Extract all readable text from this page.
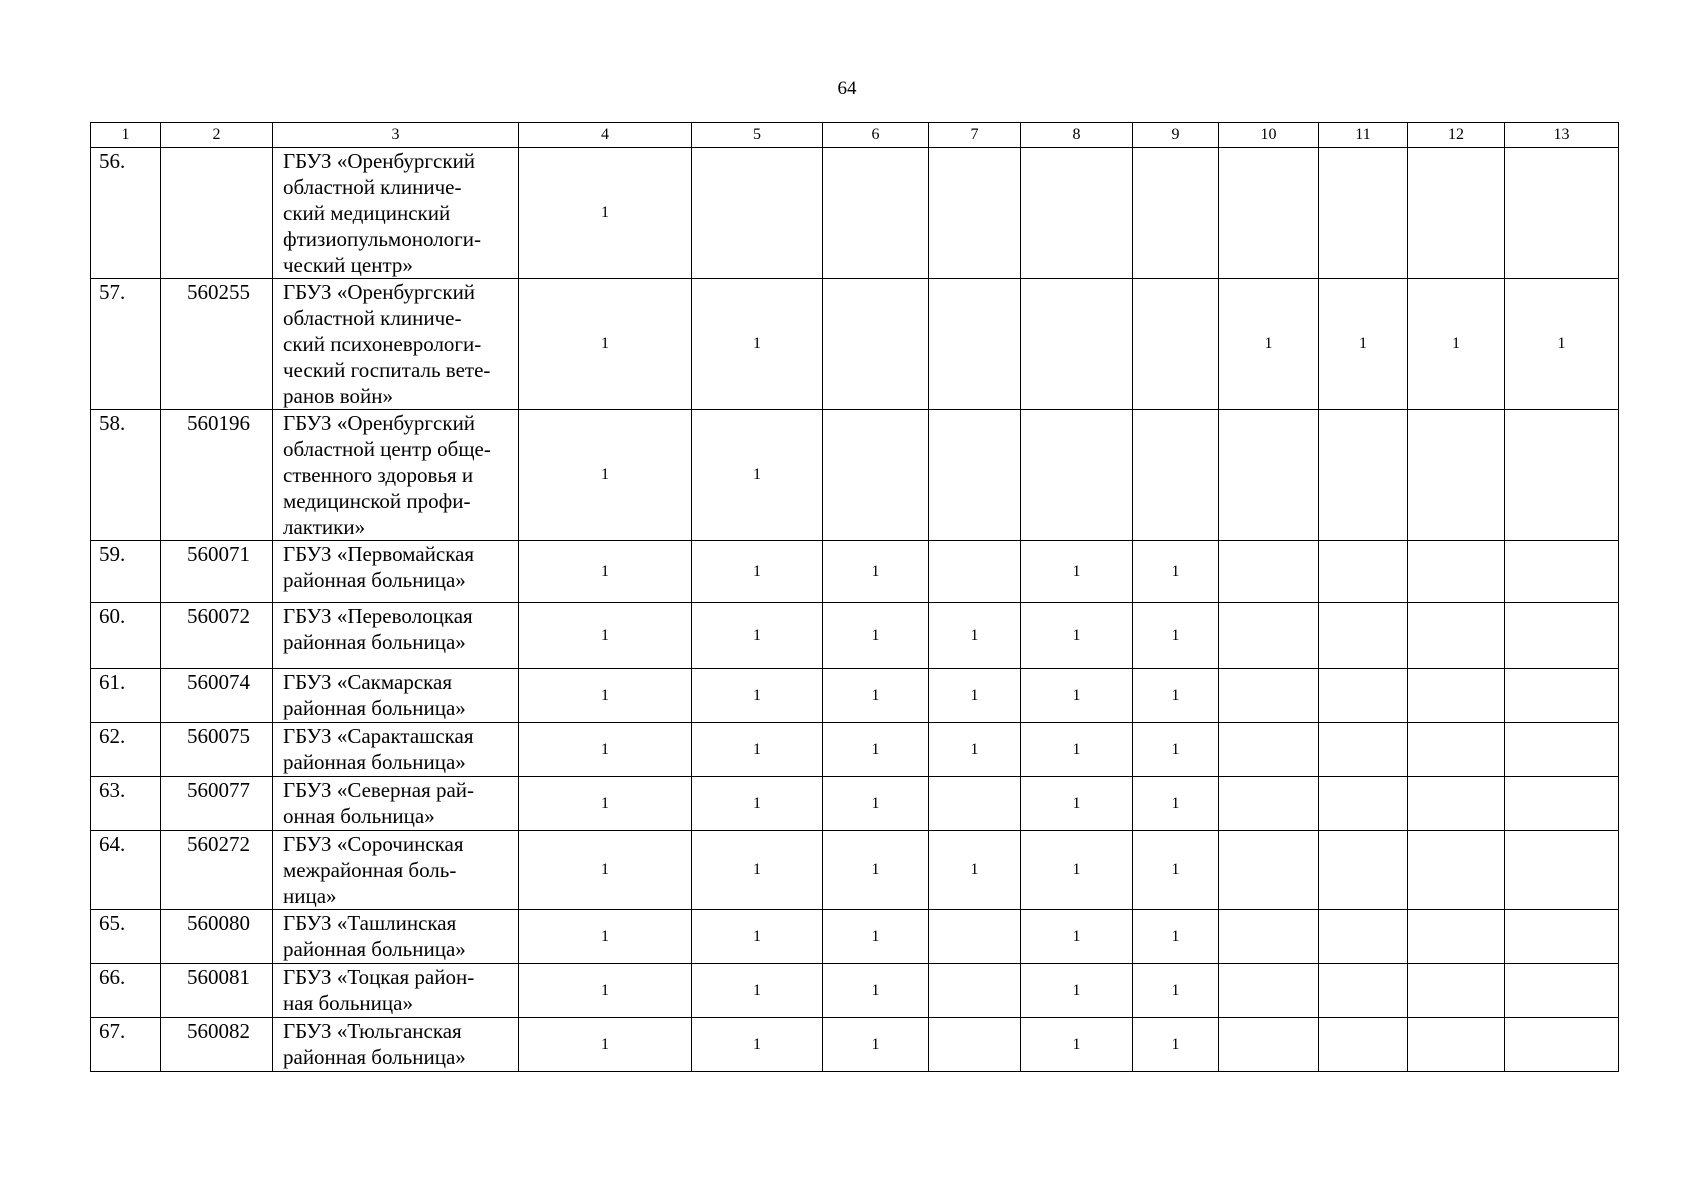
64
1	2	3	4	5	6	7	8	9	10	11	12	13
56.		ГБУЗ «Оренбургский
областной клиниче-
ский медицинский
фтизиопульмонологи-
ческий центр»	1									
57.	560255	ГБУЗ «Оренбургский
областной клиниче-
ский психоневрологи-
ческий госпиталь вете-
ранов войн»	1	1					1	1	1	1
58.	560196	ГБУЗ «Оренбургский
областной центр обще-
ственного здоровья и
медицинской профи-
лактики»	1	1								
59.	560071	ГБУЗ «Первомайская
районная больница»	1	1	1		1	1				
60.	560072	ГБУЗ «Переволоцкая
районная больница»	1	1	1	1	1	1				
61.	560074	ГБУЗ «Сакмарская
районная больница»	1	1	1	1	1	1				
62.	560075	ГБУЗ «Саракташская
районная больница»	1	1	1	1	1	1				
63.	560077	ГБУЗ «Северная рай-
онная больница»	1	1	1		1	1				
64.	560272	ГБУЗ «Сорочинская
межрайонная боль-
ница»	1	1	1	1	1	1				
65.	560080	ГБУЗ «Ташлинская
районная больница»	1	1	1		1	1				
66.	560081	ГБУЗ «Тоцкая район-
ная больница»	1	1	1		1	1				
67.	560082	ГБУЗ «Тюльганская
районная больница»	1	1	1		1	1				
